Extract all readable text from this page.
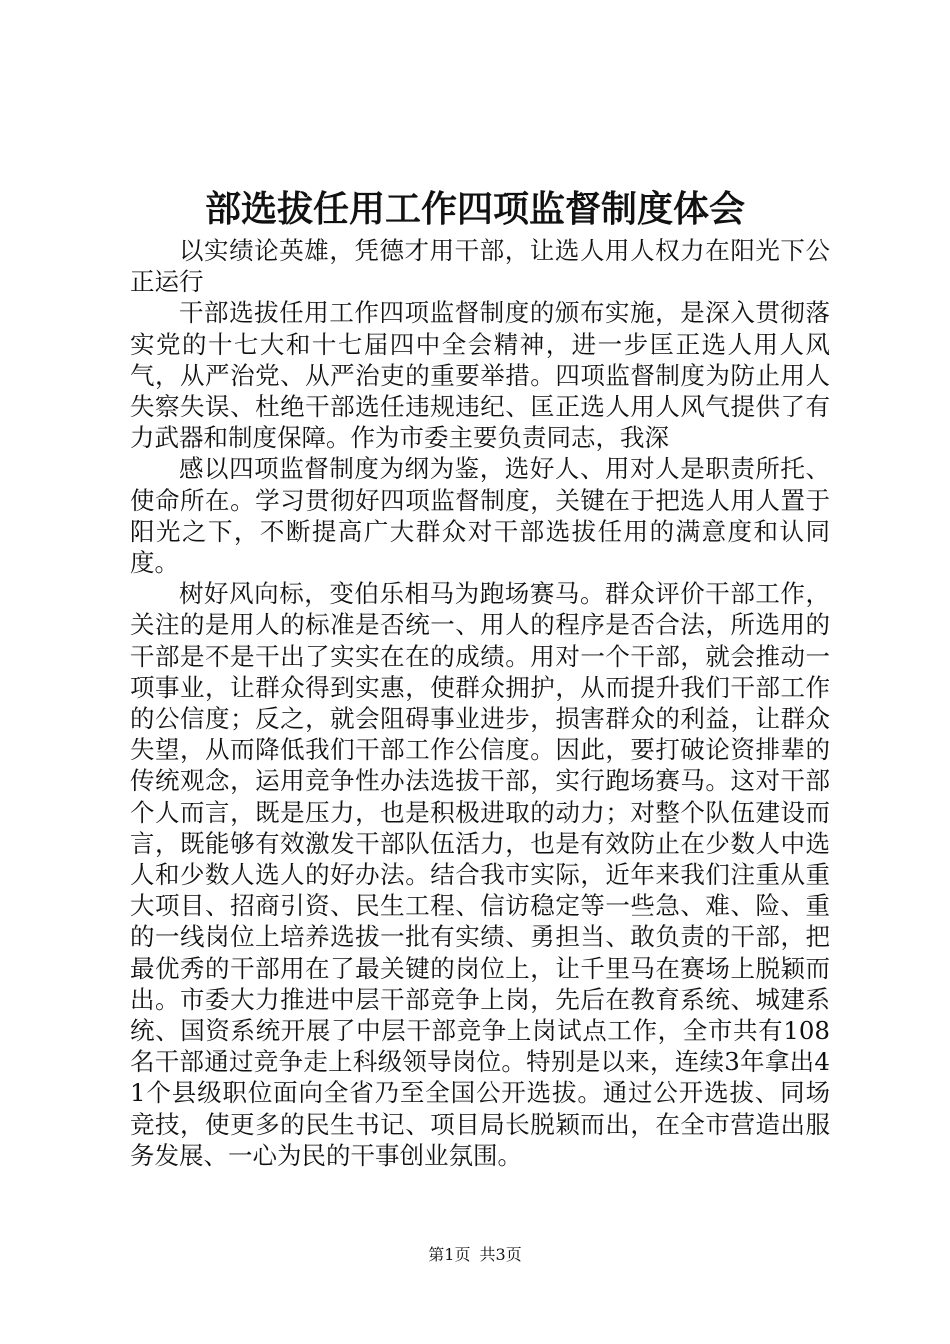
部选拔任用工作四项监督制度体会

以实绩论英雄，凭德才用干部，让选人用人权力在阳光下公正运行

干部选拔任用工作四项监督制度的颁布实施，是深入贯彻落实党的十七大和十七届四中全会精神，进一步匡正选人用人风气，从严治党、从严治吏的重要举措。四项监督制度为防止用人失察失误、杜绝干部选任违规违纪、匡正选人用人风气提供了有力武器和制度保障。作为市委主要负责同志，我深

感以四项监督制度为纲为鉴，选好人、用对人是职责所托、使命所在。学习贯彻好四项监督制度，关键在于把选人用人置于阳光之下，不断提高广大群众对干部选拔任用的满意度和认同度。

树好风向标，变伯乐相马为跑场赛马。群众评价干部工作，关注的是用人的标准是否统一、用人的程序是否合法，所选用的干部是不是干出了实实在在的成绩。用对一个干部，就会推动一项事业，让群众得到实惠，使群众拥护，从而提升我们干部工作的公信度；反之，就会阻碍事业进步，损害群众的利益，让群众失望，从而降低我们干部工作公信度。因此，要打破论资排辈的传统观念，运用竞争性办法选拔干部，实行跑场赛马。这对干部个人而言，既是压力，也是积极进取的动力；对整个队伍建设而言，既能够有效激发干部队伍活力，也是有效防止在少数人中选人和少数人选人的好办法。结合我市实际，近年来我们注重从重大项目、招商引资、民生工程、信访稳定等一些急、难、险、重的一线岗位上培养选拔一批有实绩、勇担当、敢负责的干部，把最优秀的干部用在了最关键的岗位上，让千里马在赛场上脱颖而出。市委大力推进中层干部竞争上岗，先后在教育系统、城建系统、国资系统开展了中层干部竞争上岗试点工作，全市共有108名干部通过竞争走上科级领导岗位。特别是以来，连续3年拿出41个县级职位面向全省乃至全国公开选拔。通过公开选拔、同场竞技，使更多的民生书记、项目局长脱颖而出，在全市营造出服务发展、一心为民的干事创业氛围。

第1页 共3页
